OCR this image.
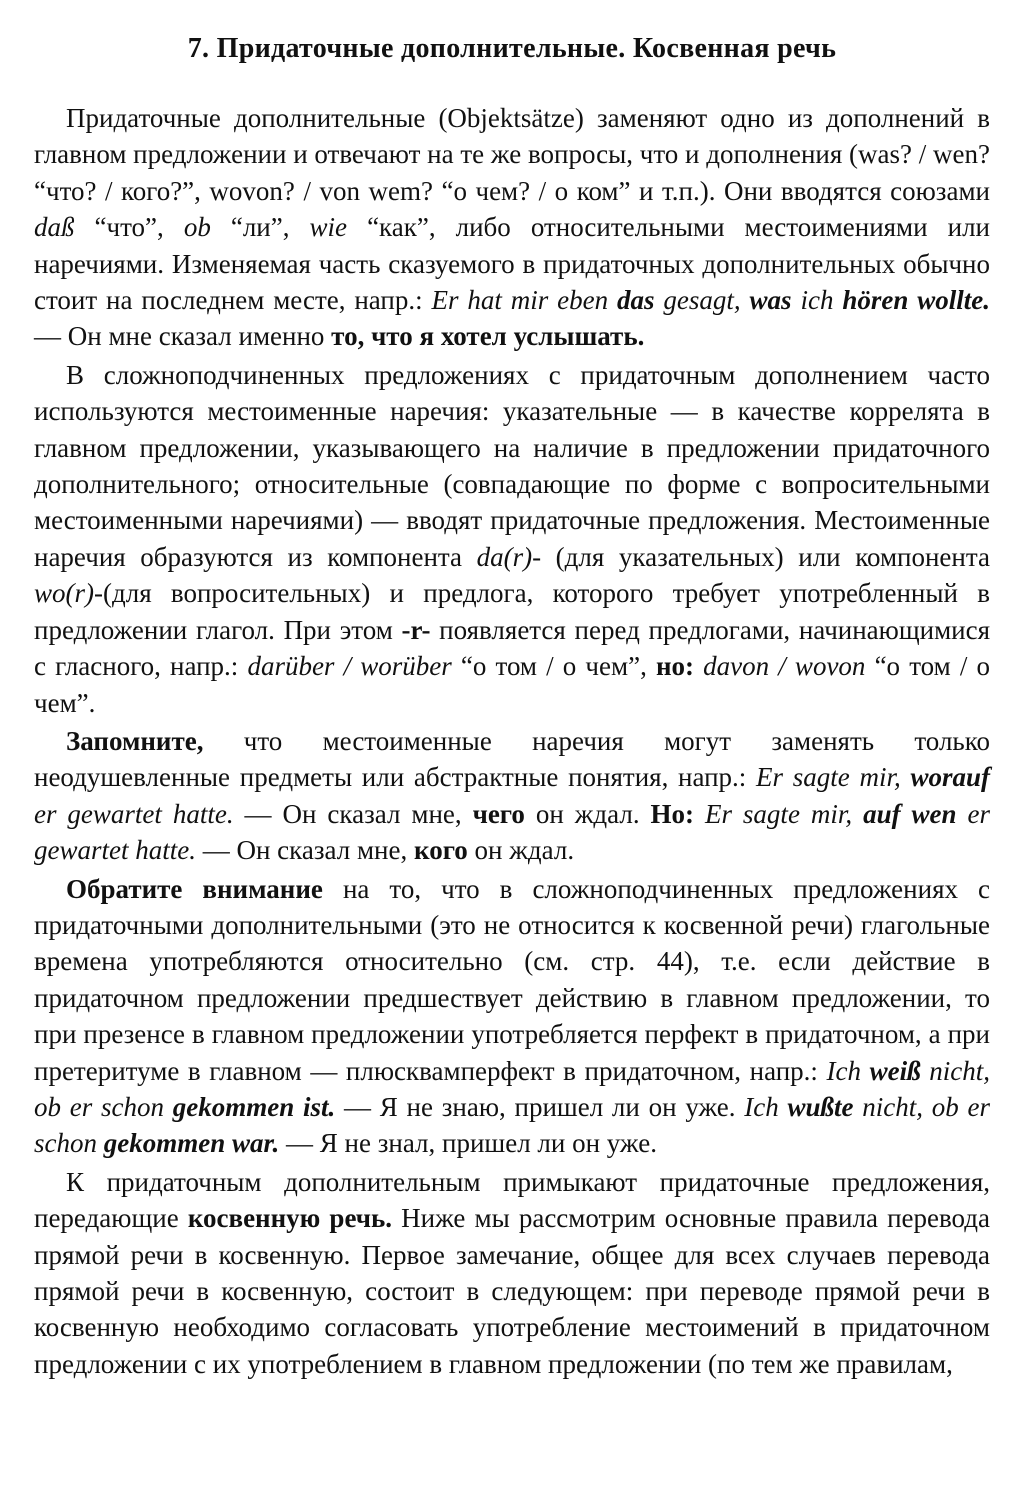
7. Придаточные дополнительные. Косвенная речь

Придаточные дополнительные (Objektsätze) заменяют одно из дополнений в главном предложении и отвечают на те же вопросы, что и дополнения (was? / wen? “что? / кого?”, wovon? / von wem? “о чем? / о ком” и т.п.). Они вводятся союзами daß “что”, ob “ли”, wie “как”, либо относительными местоимениями или наречиями. Изменяемая часть сказуемого в придаточных дополнительных обычно стоит на последнем месте, напр.: Er hat mir eben das gesagt, was ich hören wollte. — Он мне сказал именно то, что я хотел услышать.

В сложноподчиненных предложениях с придаточным дополнением часто используются местоименные наречия: указательные — в качестве коррелята в главном предложении, указывающего на наличие в предложении придаточного дополнительного; относительные (совпадающие по форме с вопросительными местоименными наречиями) — вводят придаточные предложения. Местоименные наречия образуются из компонента da(r)- (для указательных) или компонента wo(r)-(для вопросительных) и предлога, которого требует употребленный в предложении глагол. При этом -r- появляется перед предлогами, начинающимися с гласного, напр.: darüber / worüber “о том / о чем”, но: davon / wovon “о том / о чем”.

Запомните, что местоименные наречия могут заменять только неодушевленные предметы или абстрактные понятия, напр.: Er sagte mir, worauf er gewartet hatte. — Он сказал мне, чего он ждал. Но: Er sagte mir, auf wen er gewartet hatte. — Он сказал мне, кого он ждал.

Обратите внимание на то, что в сложноподчиненных предложениях с придаточными дополнительными (это не относится к косвенной речи) глагольные времена употребляются относительно (см. стр. 44), т.е. если действие в придаточном предложении предшествует действию в главном предложении, то при презенсе в главном предложении употребляется перфект в придаточном, а при претеритуме в главном — плюсквамперфект в придаточном, напр.: Ich weiß nicht, ob er schon gekommen ist. — Я не знаю, пришел ли он уже. Ich wußte nicht, ob er schon gekommen war. — Я не знал, пришел ли он уже.

К придаточным дополнительным примыкают придаточные предложения, передающие косвенную речь. Ниже мы рассмотрим основные правила перевода прямой речи в косвенную. Первое замечание, общее для всех случаев перевода прямой речи в косвенную, состоит в следующем: при переводе прямой речи в косвенную необходимо согласовать употребление местоимений в придаточном предложении с их употреблением в главном предложении (по тем же правилам,
